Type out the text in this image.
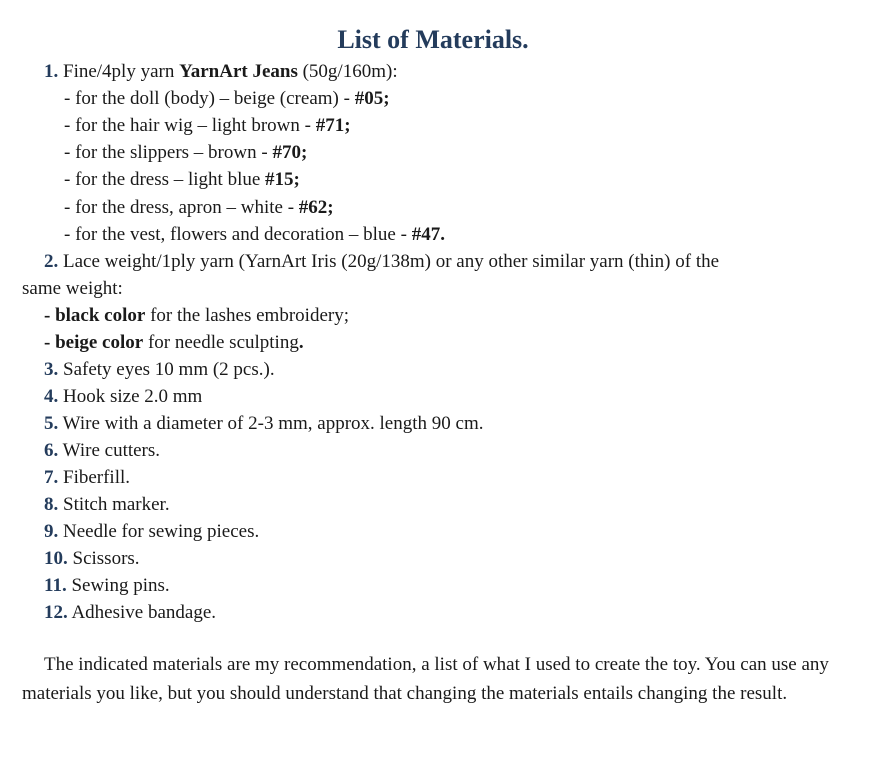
List of Materials.
1. Fine/4ply yarn YarnArt Jeans (50g/160m):
- for the doll (body) – beige (cream) - #05;
- for the hair wig – light brown - #71;
- for the slippers – brown - #70;
- for the dress – light blue #15;
- for the dress, apron – white - #62;
- for the vest, flowers and decoration – blue - #47.
2. Lace weight/1ply yarn (YarnArt Iris (20g/138m) or any other similar yarn (thin) of the
same weight:
- black color for the lashes embroidery;
- beige color for needle sculpting.
3. Safety eyes 10 mm (2 pcs.).
4. Hook size 2.0 mm
5. Wire with a diameter of 2-3 mm, approx. length 90 cm.
6. Wire cutters.
7. Fiberfill.
8. Stitch marker.
9. Needle for sewing pieces.
10. Scissors.
11. Sewing pins.
12. Adhesive bandage.
The indicated materials are my recommendation, a list of what I used to create the toy. You can use any materials you like, but you should understand that changing the materials entails changing the result.
